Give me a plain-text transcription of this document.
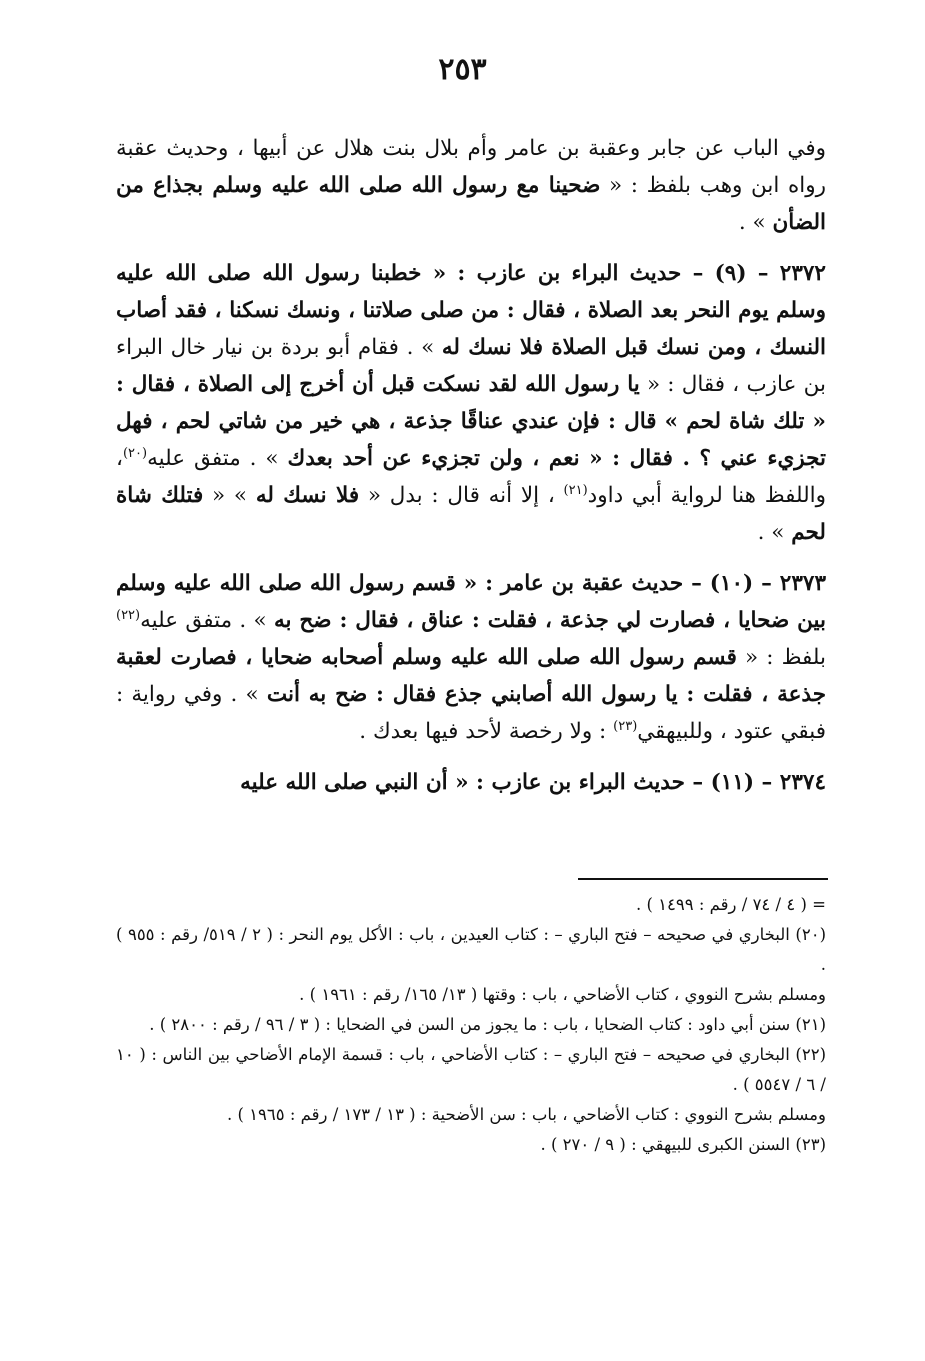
٢٥٣

وفي الباب عن جابر وعقبة بن عامر وأم بلال بنت هلال عن أبيها ، وحديث عقبة رواه ابن وهب بلفظ : « ضحينا مع رسول الله صلى الله عليه وسلم بجذاع من الضأن » .

٢٣٧٢ – (٩) – حديث البراء بن عازب : « خطبنا رسول الله صلى الله عليه وسلم يوم النحر بعد الصلاة ، فقال : من صلى صلاتنا ، ونسك نسكنا ، فقد أصاب النسك ، ومن نسك قبل الصلاة فلا نسك له » . فقام أبو بردة بن نيار خال البراء بن عازب ، فقال : « يا رسول الله لقد نسكت قبل أن أخرج إلى الصلاة ، فقال : « تلك شاة لحم » قال : فإن عندي عناقًا جذعة ، هي خير من شاتي لحم ، فهل تجزيء عني ؟ . فقال : « نعم ، ولن تجزيء عن أحد بعدك » . متفق عليه$^{(٢٠)}$، واللفظ هنا لرواية أبي داود$^{(٢١)}$ ، إلا أنه قال : بدل « فلا نسك له » « فتلك شاة لحم » .

٢٣٧٣ – (١٠) – حديث عقبة بن عامر : « قسم رسول الله صلى الله عليه وسلم بين ضحايا ، فصارت لي جذعة ، فقلت : عناق ، فقال : ضح به » . متفق عليه$^{(٢٢)}$ بلفظ : « قسم رسول الله صلى الله عليه وسلم أصحابه ضحايا ، فصارت لعقبة جذعة ، فقلت : يا رسول الله أصابني جذع فقال : ضح به أنت » . وفي رواية : فبقي عتود ، وللبيهقي$^{(٢٣)}$ : ولا رخصة لأحد فيها بعدك .

٢٣٧٤ – (١١) – حديث البراء بن عازب : « أن النبي صلى الله عليه

= ( ٤ / ٧٤ / رقم : ١٤٩٩ ) .

(٢٠) البخاري في صحيحه – فتح الباري – : كتاب العيدين ، باب : الأكل يوم النحر : ( ٢ / ٥١٩/ رقم : ٩٥٥ ) .

ومسلم بشرح النووي ، كتاب الأضاحي ، باب : وقتها ( ١٣/ ١٦٥/ رقم : ١٩٦١ ) .

(٢١) سنن أبي داود : كتاب الضحايا ، باب : ما يجوز من السن في الضحايا : ( ٣ / ٩٦ / رقم : ٢٨٠٠ ) .

(٢٢) البخاري في صحيحه – فتح الباري – : كتاب الأضاحي ، باب : قسمة الإمام الأضاحي بين الناس : ( ١٠ / ٦ / ٥٥٤٧ ) .

ومسلم بشرح النووي : كتاب الأضاحي ، باب : سن الأضحية : ( ١٣ / ١٧٣ / رقم : ١٩٦٥ ) .

(٢٣) السنن الكبرى للبيهقي : ( ٩ / ٢٧٠ ) .
